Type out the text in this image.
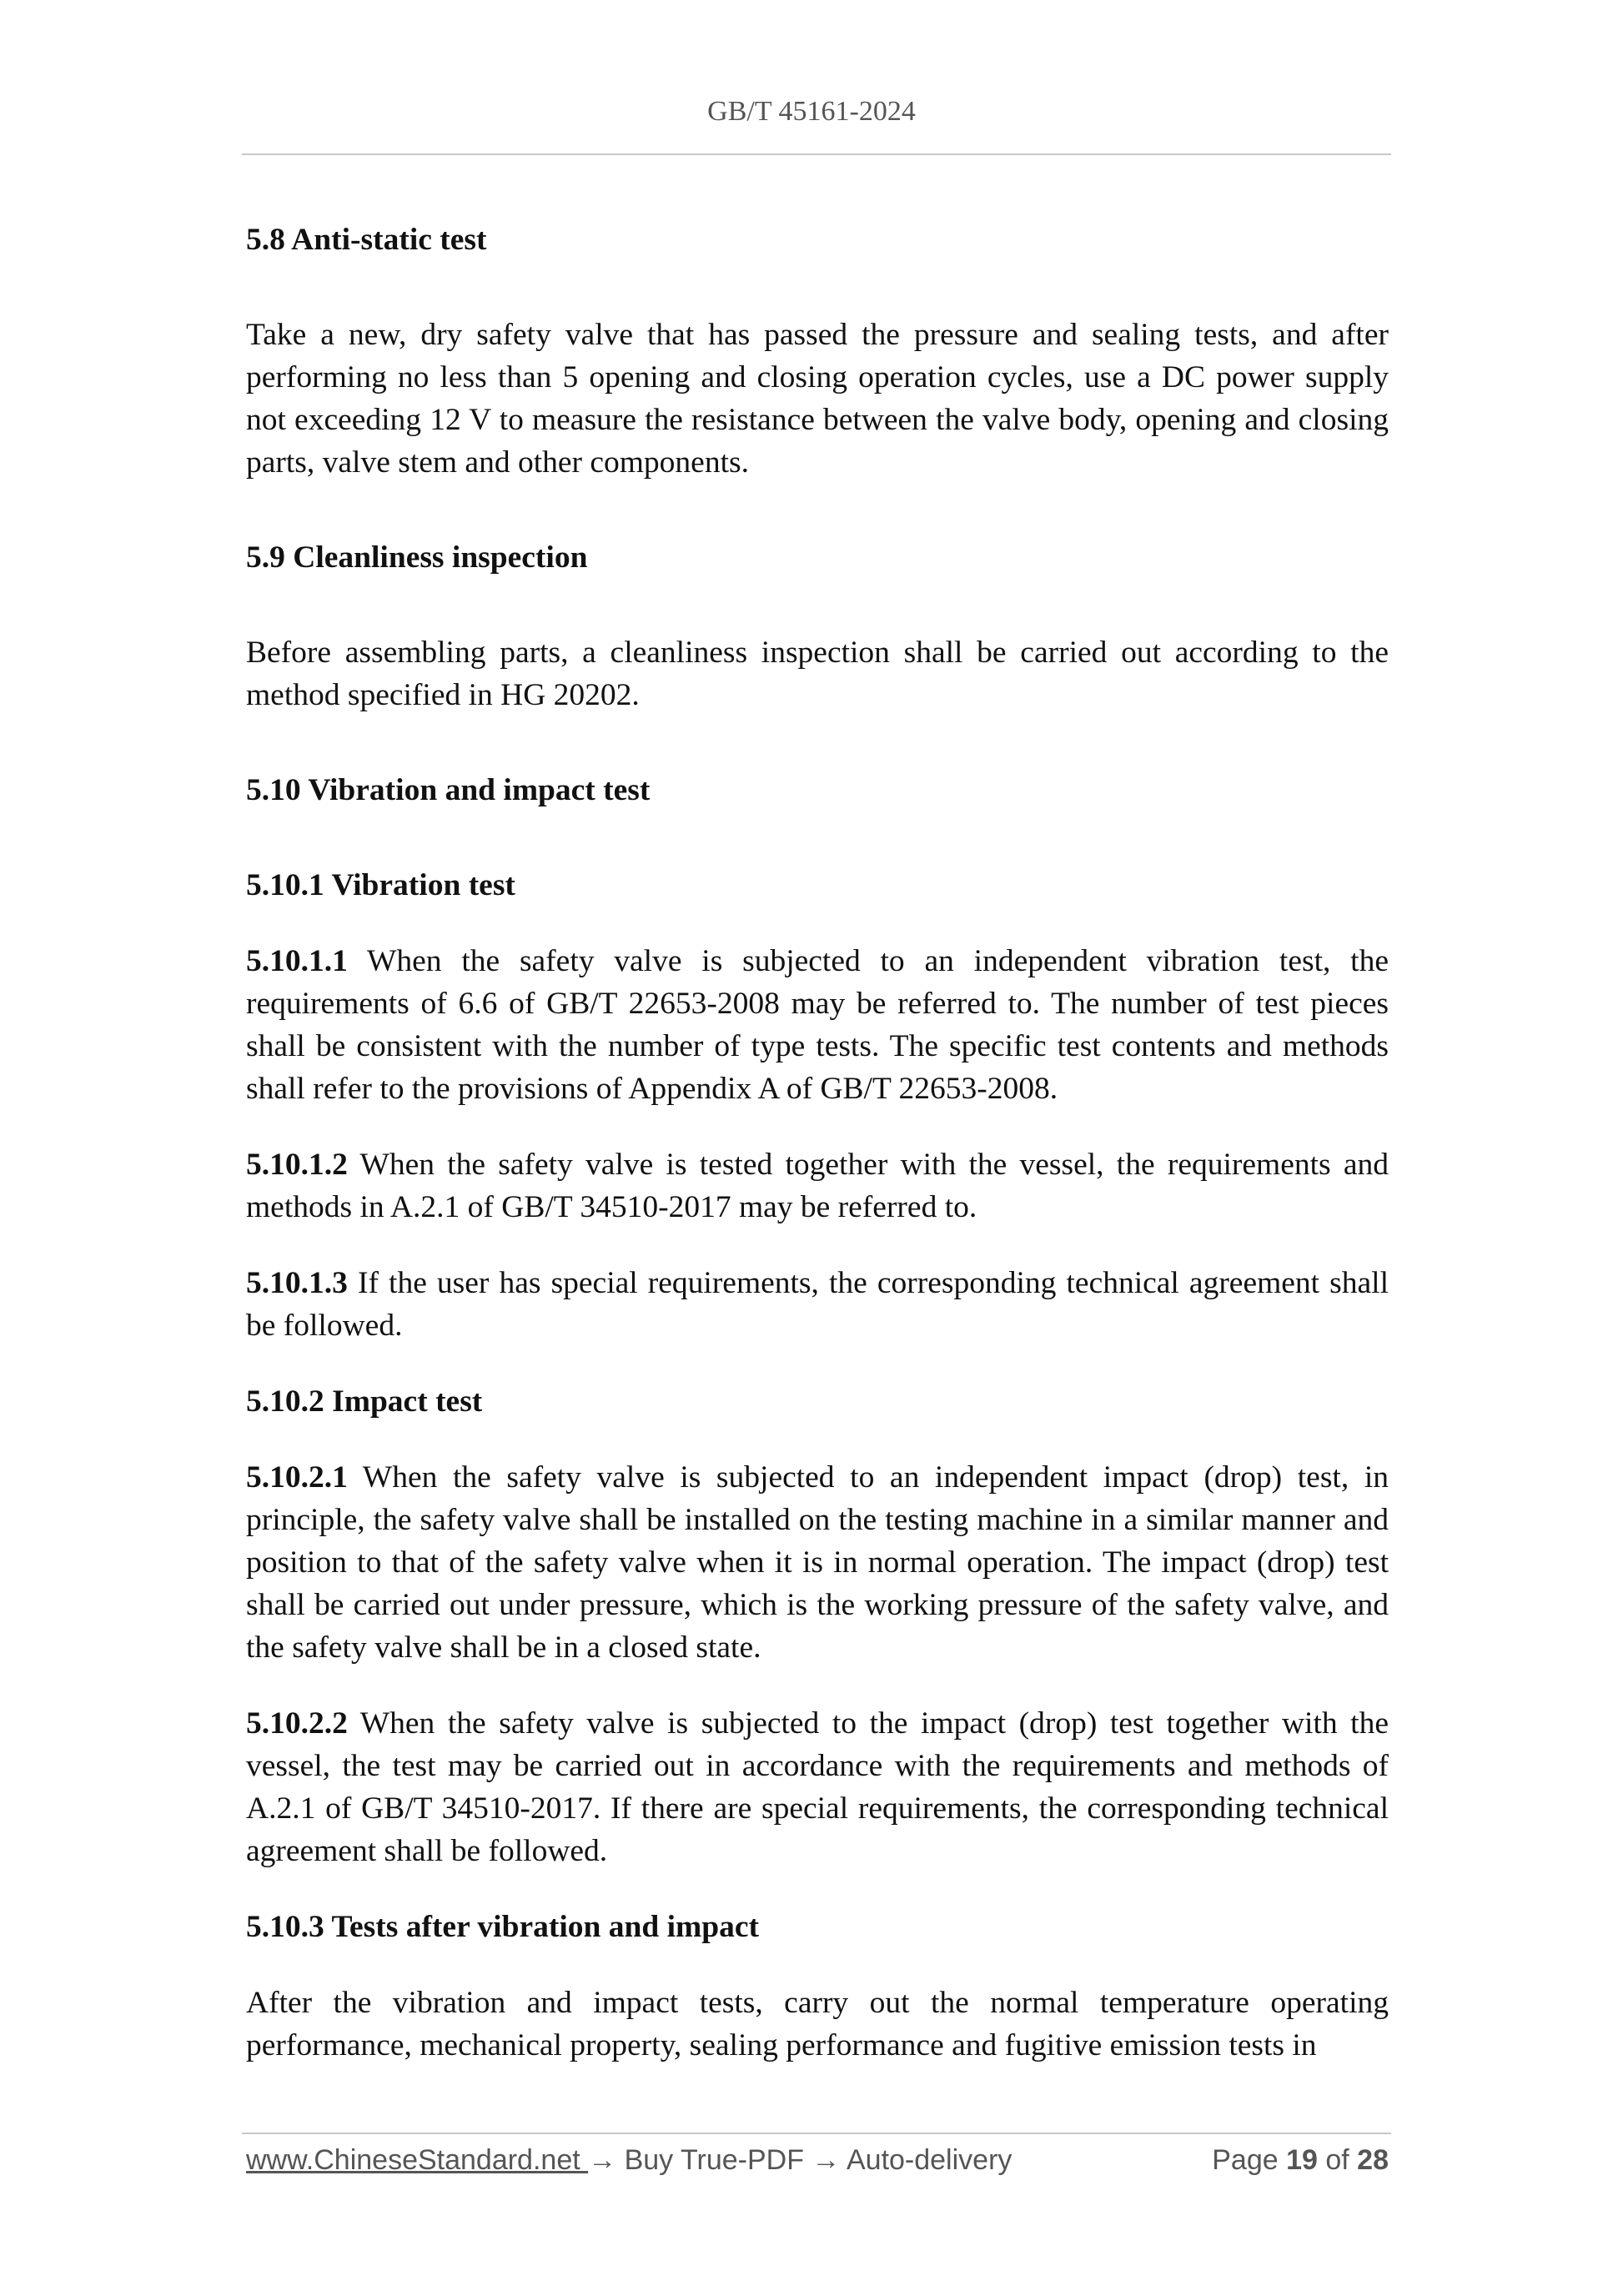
GB/T 45161-2024

5.8 Anti-static test

Take a new, dry safety valve that has passed the pressure and sealing tests, and after performing no less than 5 opening and closing operation cycles, use a DC power supply not exceeding 12 V to measure the resistance between the valve body, opening and closing parts, valve stem and other components.

5.9 Cleanliness inspection

Before assembling parts, a cleanliness inspection shall be carried out according to the method specified in HG 20202.

5.10 Vibration and impact test

5.10.1 Vibration test

5.10.1.1 When the safety valve is subjected to an independent vibration test, the requirements of 6.6 of GB/T 22653-2008 may be referred to. The number of test pieces shall be consistent with the number of type tests. The specific test contents and methods shall refer to the provisions of Appendix A of GB/T 22653-2008.

5.10.1.2 When the safety valve is tested together with the vessel, the requirements and methods in A.2.1 of GB/T 34510-2017 may be referred to.

5.10.1.3 If the user has special requirements, the corresponding technical agreement shall be followed.

5.10.2 Impact test

5.10.2.1 When the safety valve is subjected to an independent impact (drop) test, in principle, the safety valve shall be installed on the testing machine in a similar manner and position to that of the safety valve when it is in normal operation. The impact (drop) test shall be carried out under pressure, which is the working pressure of the safety valve, and the safety valve shall be in a closed state.

5.10.2.2 When the safety valve is subjected to the impact (drop) test together with the vessel, the test may be carried out in accordance with the requirements and methods of A.2.1 of GB/T 34510-2017. If there are special requirements, the corresponding technical agreement shall be followed.

5.10.3 Tests after vibration and impact

After the vibration and impact tests, carry out the normal temperature operating performance, mechanical property, sealing performance and fugitive emission tests in

www.ChineseStandard.net → Buy True-PDF → Auto-delivery	Page 19 of 28
